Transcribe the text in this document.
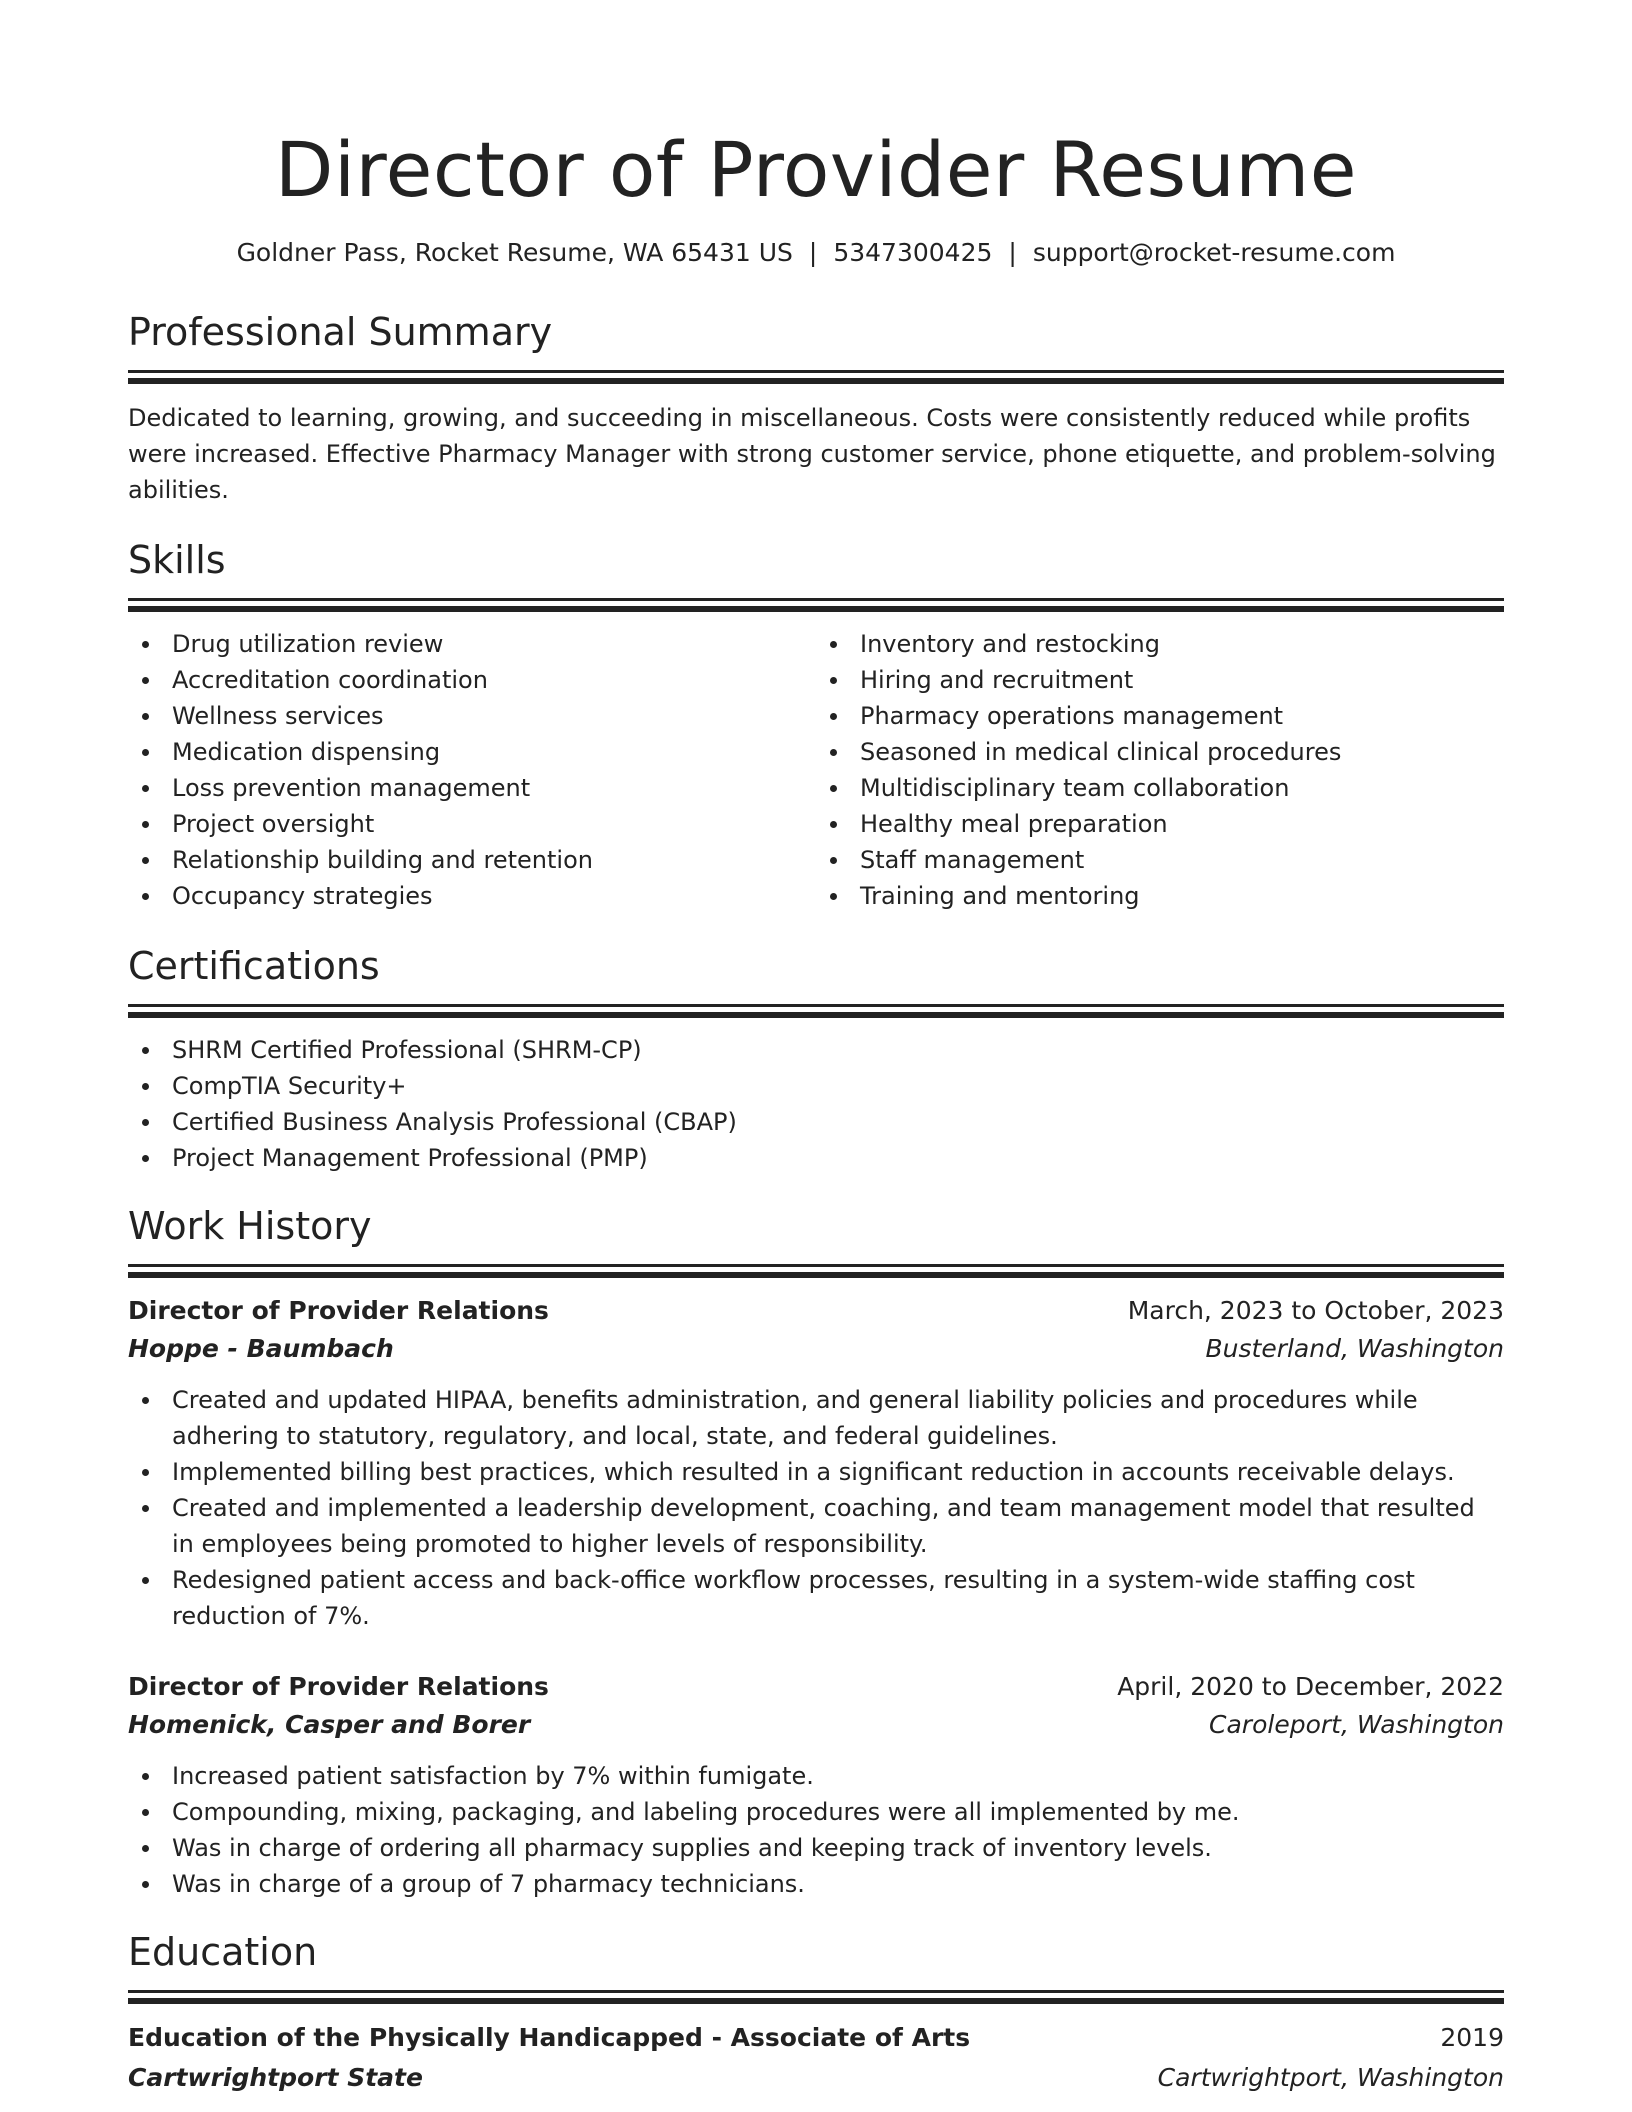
Director of Provider Resume
Goldner Pass, Rocket Resume, WA 65431 US | 5347300425 | support@rocket-resume.com
Professional Summary

Dedicated to learning, growing, and succeeding in miscellaneous. Costs were consistently reduced while profits were increased. Effective Pharmacy Manager with strong customer service, phone etiquette, and problem-solving abilities.

Skills
Drug utilization review
Accreditation coordination
Wellness services
Medication dispensing
Loss prevention management
Project oversight
Relationship building and retention
Occupancy strategies
Inventory and restocking
Hiring and recruitment
Pharmacy operations management
Seasoned in medical clinical procedures
Multidisciplinary team collaboration
Healthy meal preparation
Staff management
Training and mentoring
Certifications
SHRM Certified Professional (SHRM-CP)
CompTIA Security+
Certified Business Analysis Professional (CBAP)
Project Management Professional (PMP)
Work History
Director of Provider Relations	March, 2023 to October, 2023
Hoppe - Baumbach	Busterland, Washington
Created and updated HIPAA, benefits administration, and general liability policies and procedures while adhering to statutory, regulatory, and local, state, and federal guidelines.
Implemented billing best practices, which resulted in a significant reduction in accounts receivable delays.
Created and implemented a leadership development, coaching, and team management model that resulted in employees being promoted to higher levels of responsibility.
Redesigned patient access and back-office workflow processes, resulting in a system-wide staffing cost reduction of 7%.
Director of Provider Relations	April, 2020 to December, 2022
Homenick, Casper and Borer	Caroleport, Washington
Increased patient satisfaction by 7% within fumigate.
Compounding, mixing, packaging, and labeling procedures were all implemented by me.
Was in charge of ordering all pharmacy supplies and keeping track of inventory levels.
Was in charge of a group of 7 pharmacy technicians.
Education
Education of the Physically Handicapped - Associate of Arts	2019
Cartwrightport State	Cartwrightport, Washington
